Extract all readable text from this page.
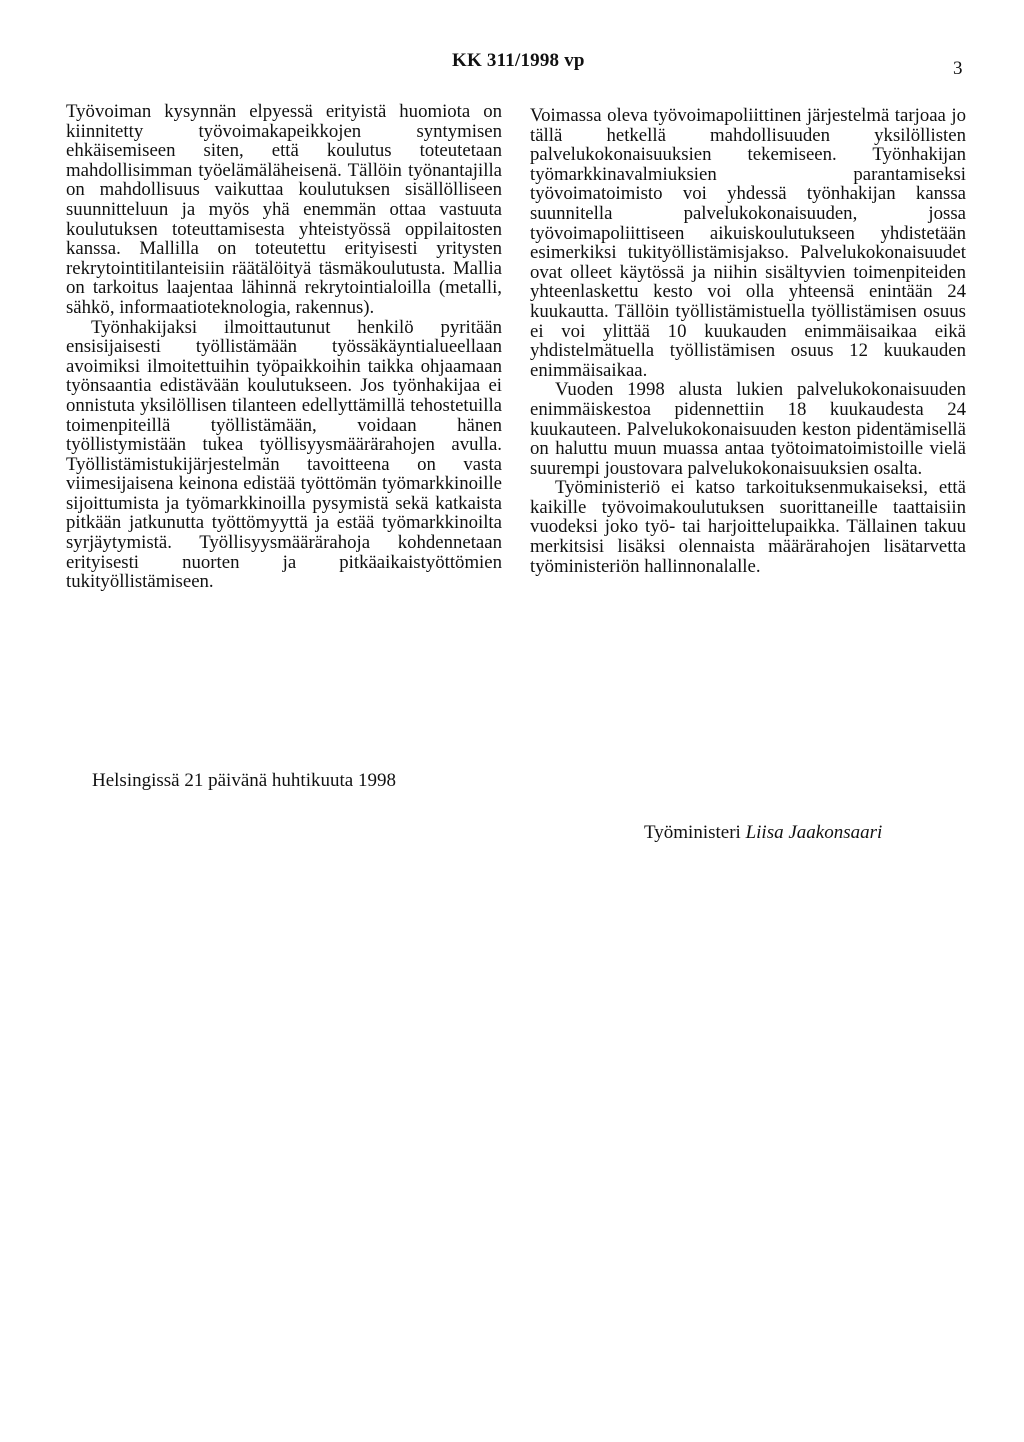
KK 311/1998 vp	3

Työvoiman kysynnän elpyessä erityistä huomiota on kiinnitetty työvoimakapeikkojen syntymisen ehkäisemiseen siten, että koulutus toteutetaan mahdollisimman työelämäläheisenä. Tällöin työnantajilla on mahdollisuus vaikuttaa koulutuksen sisällölliseen suunnitteluun ja myös yhä enemmän ottaa vastuuta koulutuksen toteuttamisesta yhteistyössä oppilaitosten kanssa. Mallilla on toteutettu erityisesti yritysten rekrytointitilanteisiin räätälöityä täsmäkoulutusta. Mallia on tarkoitus laajentaa lähinnä rekrytointialoilla (metalli, sähkö, informaatioteknologia, rakennus).

Työnhakijaksi ilmoittautunut henkilö pyritään ensisijaisesti työllistämään työssäkäyntialueellaan avoimiksi ilmoitettuihin työpaikkoihin taikka ohjaamaan työnsaantia edistävään koulutukseen. Jos työnhakijaa ei onnistuta yksilöllisen tilanteen edellyttämillä tehostetuilla toimenpiteillä työllistämään, voidaan hänen työllistymistään tukea työllisyysmäärärahojen avulla. Työllistämistukijärjestelmän tavoitteena on vasta viimesijaisena keinona edistää työttömän työmarkkinoille sijoittumista ja työmarkkinoilla pysymistä sekä katkaista pitkään jatkunutta työttömyyttä ja estää työmarkkinoilta syrjäytymistä. Työllisyysmäärärahoja kohdennetaan erityisesti nuorten ja pitkäaikaistyöttömien tukityöllistämiseen.

Voimassa oleva työvoimapoliittinen järjestelmä tarjoaa jo tällä hetkellä mahdollisuuden yksilöllisten palvelukokonaisuuksien tekemiseen. Työnhakijan työmarkkinavalmiuksien parantamiseksi työvoimatoimisto voi yhdessä työnhakijan kanssa suunnitella palvelukokonaisuuden, jossa työvoimapoliittiseen aikuiskoulutukseen yhdistetään esimerkiksi tukityöllistämisjakso. Palvelukokonaisuudet ovat olleet käytössä ja niihin sisältyvien toimenpiteiden yhteenlaskettu kesto voi olla yhteensä enintään 24 kuukautta. Tällöin työllistämistuella työllistämisen osuus ei voi ylittää 10 kuukauden enimmäisaikaa eikä yhdistelmätuella työllistämisen osuus 12 kuukauden enimmäisaikaa.

Vuoden 1998 alusta lukien palvelukokonaisuuden enimmäiskestoa pidennettiin 18 kuukaudesta 24 kuukauteen. Palvelukokonaisuuden keston pidentämisellä on haluttu muun muassa antaa työtoimatoimistoille vielä suurempi joustovara palvelukokonaisuuksien osalta.

Työministeriö ei katso tarkoituksenmukaiseksi, että kaikille työvoimakoulutuksen suorittaneille taattaisiin vuodeksi joko työ- tai harjoittelupaikka. Tällainen takuu merkitsisi lisäksi olennaista määrärahojen lisätarvetta työministeriön hallinnonalalle.

Helsingissä 21 päivänä huhtikuuta 1998
Työministeri Liisa Jaakonsaari
